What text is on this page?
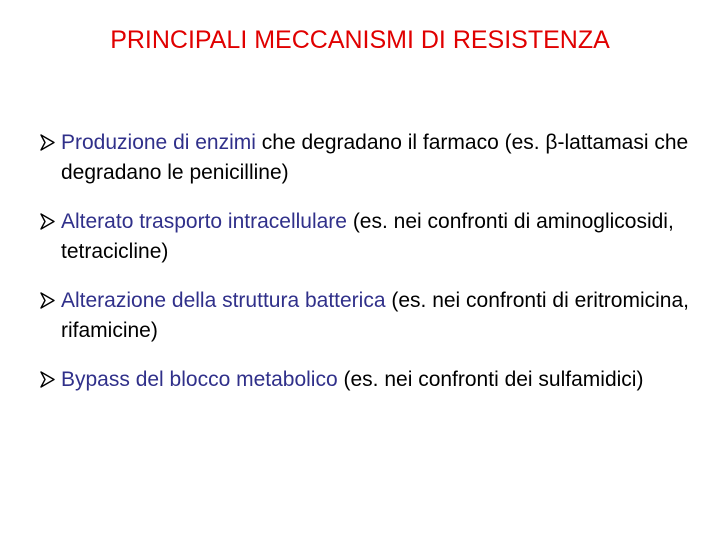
PRINCIPALI MECCANISMI DI RESISTENZA
Produzione di enzimi che degradano il farmaco (es. β-lattamasi che degradano le penicilline)
Alterato trasporto intracellulare (es. nei confronti di aminoglicosidi, tetracicline)
Alterazione della struttura batterica (es. nei confronti di eritromicina, rifamicine)
Bypass del blocco metabolico (es. nei confronti dei sulfamidici)
